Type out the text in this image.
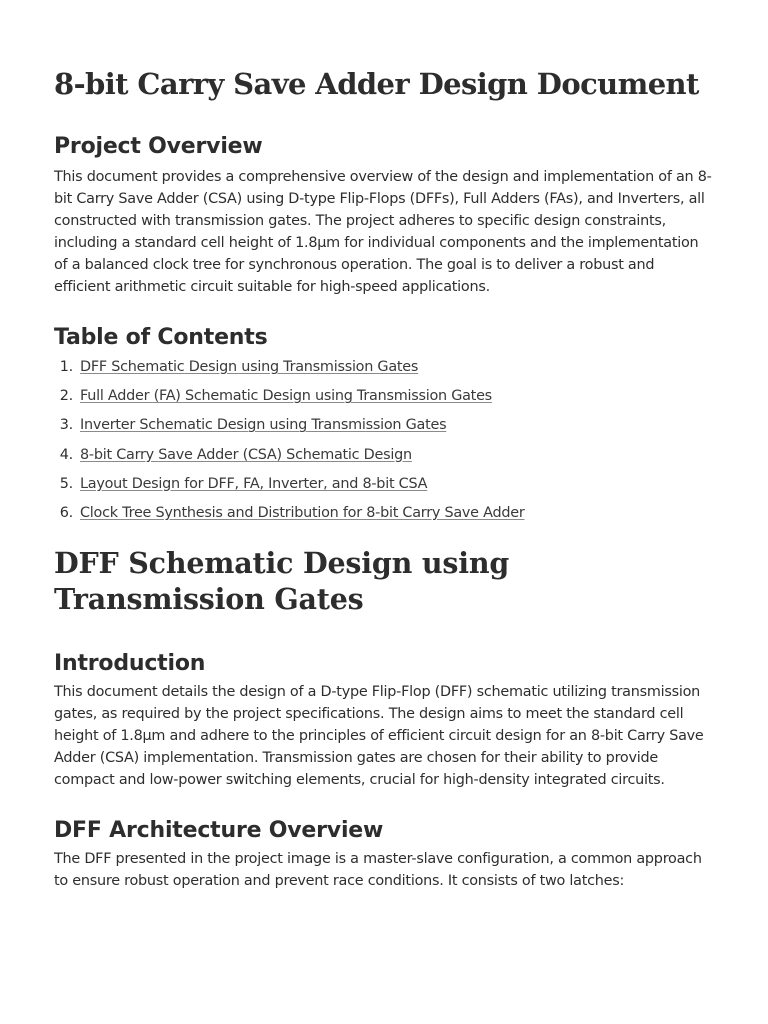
8-bit Carry Save Adder Design Document
Project Overview

This document provides a comprehensive overview of the design and implementation of an 8-bit Carry Save Adder (CSA) using D-type Flip-Flops (DFFs), Full Adders (FAs), and Inverters, all constructed with transmission gates. The project adheres to specific design constraints, including a standard cell height of 1.8µm for individual components and the implementation of a balanced clock tree for synchronous operation. The goal is to deliver a robust and efficient arithmetic circuit suitable for high-speed applications.

Table of Contents
1. DFF Schematic Design using Transmission Gates
2. Full Adder (FA) Schematic Design using Transmission Gates
3. Inverter Schematic Design using Transmission Gates
4. 8-bit Carry Save Adder (CSA) Schematic Design
5. Layout Design for DFF, FA, Inverter, and 8-bit CSA
6. Clock Tree Synthesis and Distribution for 8-bit Carry Save Adder
DFF Schematic Design using Transmission Gates
Introduction

This document details the design of a D-type Flip-Flop (DFF) schematic utilizing transmission gates, as required by the project specifications. The design aims to meet the standard cell height of 1.8µm and adhere to the principles of efficient circuit design for an 8-bit Carry Save Adder (CSA) implementation. Transmission gates are chosen for their ability to provide compact and low-power switching elements, crucial for high-density integrated circuits.

DFF Architecture Overview

The DFF presented in the project image is a master-slave configuration, a common approach to ensure robust operation and prevent race conditions. It consists of two latches:
